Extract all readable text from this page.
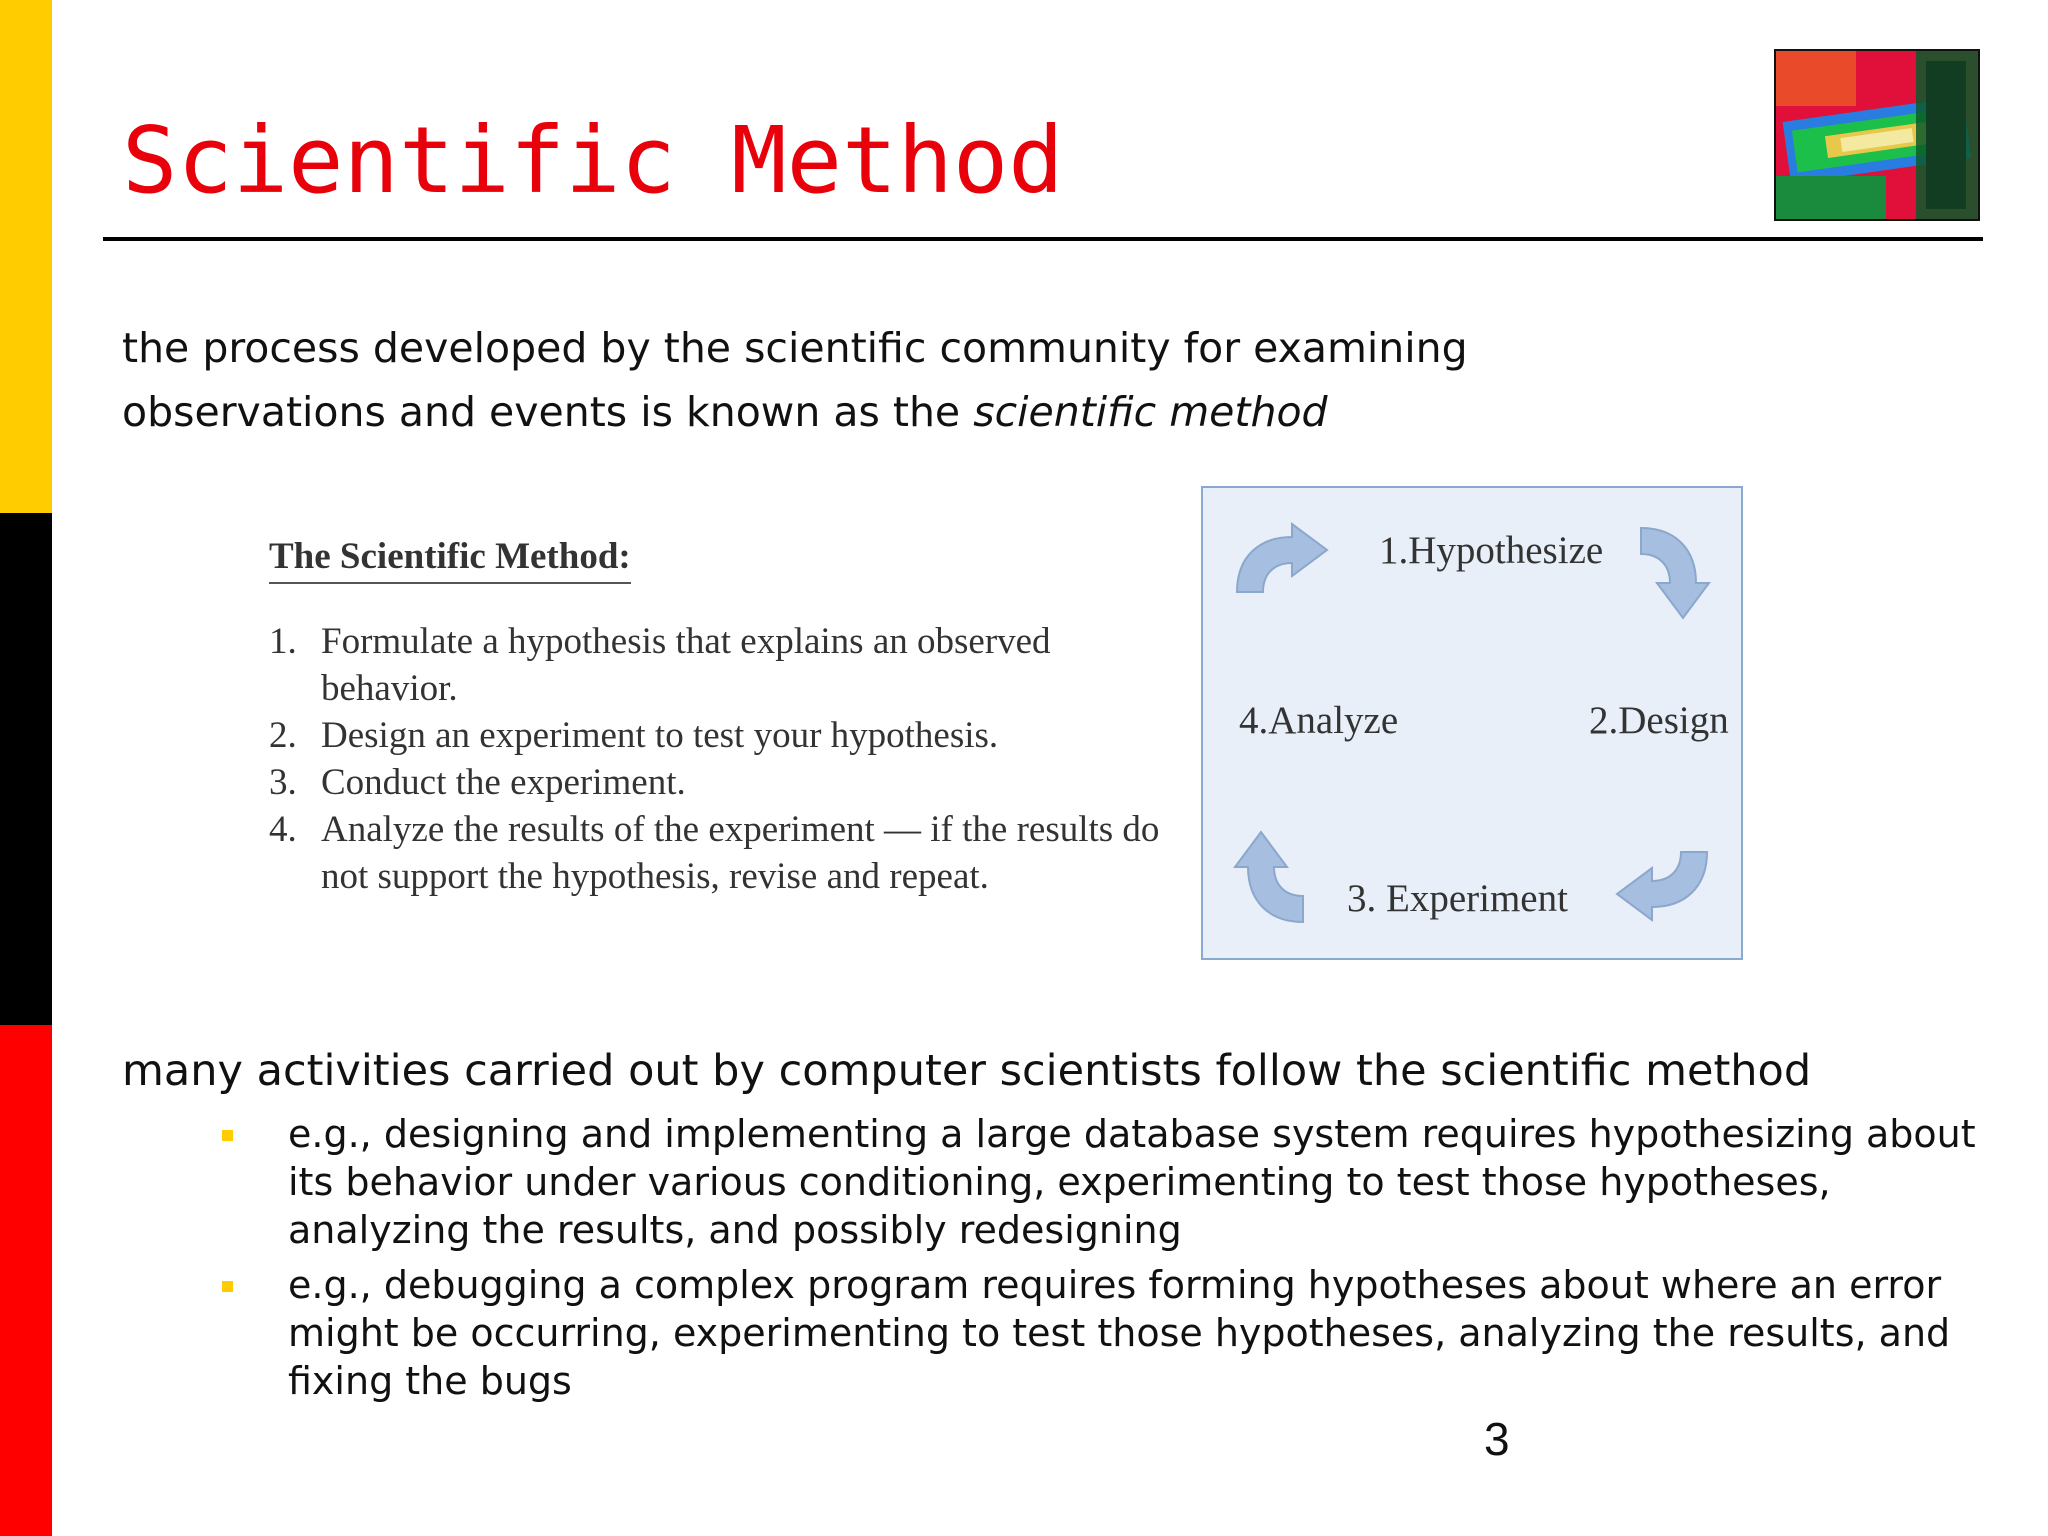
Scientific Method

the process developed by the scientific community for examining
observations and events is known as the scientific method

The Scientific Method:
1. Formulate a hypothesis that explains an observed behavior.
2. Design an experiment to test your hypothesis.
3. Conduct the experiment.
4. Analyze the results of the experiment — if the results do not support the hypothesis, revise and repeat.
1.Hypothesize
2.Design
3. Experiment
4.Analyze

many activities carried out by computer scientists follow the scientific method

e.g., designing and implementing a large database system requires hypothesizing about its behavior under various conditioning, experimenting to test those hypotheses, analyzing the results, and possibly redesigning
e.g., debugging a complex program requires forming hypotheses about where an error might be occurring, experimenting to test those hypotheses, analyzing the results, and fixing the bugs

3
